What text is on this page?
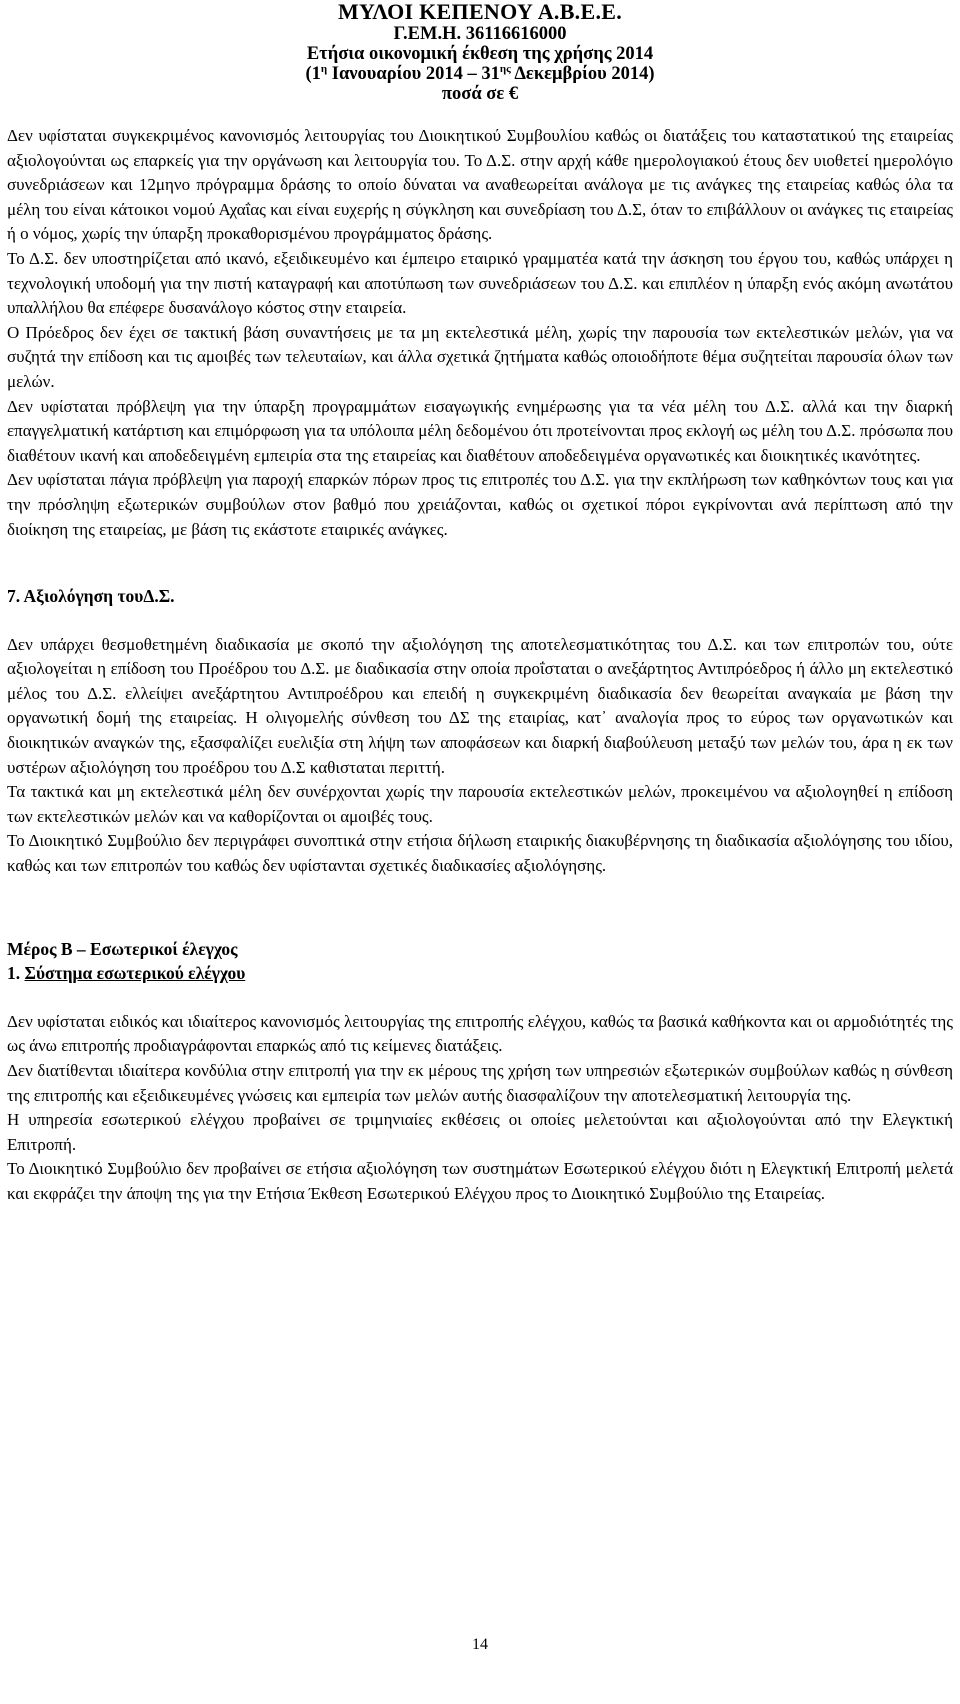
ΜΥΛΟΙ ΚΕΠΕΝΟΥ Α.Β.Ε.Ε.
Γ.ΕΜ.Η. 36116616000
Ετήσια οικονομική έκθεση της χρήσης 2014
($1^\eta$ Ιανουαρίου $2014 - 31^{\eta\varsigma}$ Δεκεμβρίου 2014)
ποσά σε €

Δεν υφίσταται συγκεκριμένος κανονισμός λειτουργίας του Διοικητικού Συμβουλίου καθώς οι διατάξεις του καταστατικού της εταιρείας αξιολογούνται ως επαρκείς για την οργάνωση και λειτουργία του. Το Δ.Σ. στην αρχή κάθε ημερολογιακού έτους δεν υιοθετεί ημερολόγιο συνεδριάσεων και 12μηνο πρόγραμμα δράσης το οποίο δύναται να αναθεωρείται ανάλογα με τις ανάγκες της εταιρείας καθώς όλα τα μέλη του είναι κάτοικοι νομού Αχαΐας και είναι ευχερής η σύγκληση και συνεδρίαση του Δ.Σ, όταν το επιβάλλουν οι ανάγκες τις εταιρείας ή ο νόμος, χωρίς την ύπαρξη προκαθορισμένου προγράμματος δράσης.

Το Δ.Σ. δεν υποστηρίζεται από ικανό, εξειδικευμένο και έμπειρο εταιρικό γραμματέα κατά την άσκηση του έργου του, καθώς υπάρχει η τεχνολογική υποδομή για την πιστή καταγραφή και αποτύπωση των συνεδριάσεων του Δ.Σ. και επιπλέον η ύπαρξη ενός ακόμη ανωτάτου υπαλλήλου θα επέφερε δυσανάλογο κόστος στην εταιρεία.

Ο Πρόεδρος δεν έχει σε τακτική βάση συναντήσεις με τα μη εκτελεστικά μέλη, χωρίς την παρουσία των εκτελεστικών μελών, για να συζητά την επίδοση και τις αμοιβές των τελευταίων, και άλλα σχετικά ζητήματα καθώς οποιοδήποτε θέμα συζητείται παρουσία όλων των μελών.

Δεν υφίσταται πρόβλεψη για την ύπαρξη προγραμμάτων εισαγωγικής ενημέρωσης για τα νέα μέλη του Δ.Σ. αλλά και την διαρκή επαγγελματική κατάρτιση και επιμόρφωση για τα υπόλοιπα μέλη δεδομένου ότι προτείνονται προς εκλογή ως μέλη του Δ.Σ. πρόσωπα που διαθέτουν ικανή και αποδεδειγμένη εμπειρία στα της εταιρείας και διαθέτουν αποδεδειγμένα οργανωτικές και διοικητικές ικανότητες.

Δεν υφίσταται πάγια πρόβλεψη για παροχή επαρκών πόρων προς τις επιτροπές του Δ.Σ. για την εκπλήρωση των καθηκόντων τους και για την πρόσληψη εξωτερικών συμβούλων στον βαθμό που χρειάζονται, καθώς οι σχετικοί πόροι εγκρίνονται ανά περίπτωση από την διοίκηση της εταιρείας, με βάση τις εκάστοτε εταιρικές ανάγκες.

7. Αξιολόγηση τουΔ.Σ.

Δεν υπάρχει θεσμοθετημένη διαδικασία με σκοπό την αξιολόγηση της αποτελεσματικότητας του Δ.Σ. και των επιτροπών του, ούτε αξιολογείται η επίδοση του Προέδρου του Δ.Σ. με διαδικασία στην οποία προΐσταται ο ανεξάρτητος Αντιπρόεδρος ή άλλο μη εκτελεστικό μέλος του Δ.Σ. ελλείψει ανεξάρτητου Αντιπροέδρου και επειδή η συγκεκριμένη διαδικασία δεν θεωρείται αναγκαία με βάση την οργανωτική δομή της εταιρείας. Η ολιγομελής σύνθεση του ΔΣ της εταιρίας, κατ᾽ αναλογία προς το εύρος των οργανωτικών και διοικητικών αναγκών της, εξασφαλίζει ευελιξία στη λήψη των αποφάσεων και διαρκή διαβούλευση μεταξύ των μελών του, άρα η εκ των υστέρων αξιολόγηση του προέδρου του Δ.Σ καθισταται περιττή.

Τα τακτικά και μη εκτελεστικά μέλη δεν συνέρχονται χωρίς την παρουσία εκτελεστικών μελών, προκειμένου να αξιολογηθεί η επίδοση των εκτελεστικών μελών και να καθορίζονται οι αμοιβές τους.

Το Διοικητικό Συμβούλιο δεν περιγράφει συνοπτικά στην ετήσια δήλωση εταιρικής διακυβέρνησης τη διαδικασία αξιολόγησης του ιδίου, καθώς και των επιτροπών του καθώς δεν υφίστανται σχετικές διαδικασίες αξιολόγησης.

Μέρος Β – Εσωτερικοί έλεγχος

1. Σύστημα εσωτερικού ελέγχου

Δεν υφίσταται ειδικός και ιδιαίτερος κανονισμός λειτουργίας της επιτροπής ελέγχου, καθώς τα βασικά καθήκοντα και οι αρμοδιότητές της ως άνω επιτροπής προδιαγράφονται επαρκώς από τις κείμενες διατάξεις.

Δεν διατίθενται ιδιαίτερα κονδύλια στην επιτροπή για την εκ μέρους της χρήση των υπηρεσιών εξωτερικών συμβούλων καθώς η σύνθεση της επιτροπής και εξειδικευμένες γνώσεις και εμπειρία των μελών αυτής διασφαλίζουν την αποτελεσματική λειτουργία της.

Η υπηρεσία εσωτερικού ελέγχου προβαίνει σε τριμηνιαίες εκθέσεις οι οποίες μελετούνται και αξιολογούνται από την Ελεγκτική Επιτροπή.

Το Διοικητικό Συμβούλιο δεν προβαίνει σε ετήσια αξιολόγηση των συστημάτων Εσωτερικού ελέγχου διότι η Ελεγκτική Επιτροπή μελετά και εκφράζει την άποψη της για την Ετήσια Έκθεση Εσωτερικού Ελέγχου προς το Διοικητικό Συμβούλιο της Εταιρείας.

14
